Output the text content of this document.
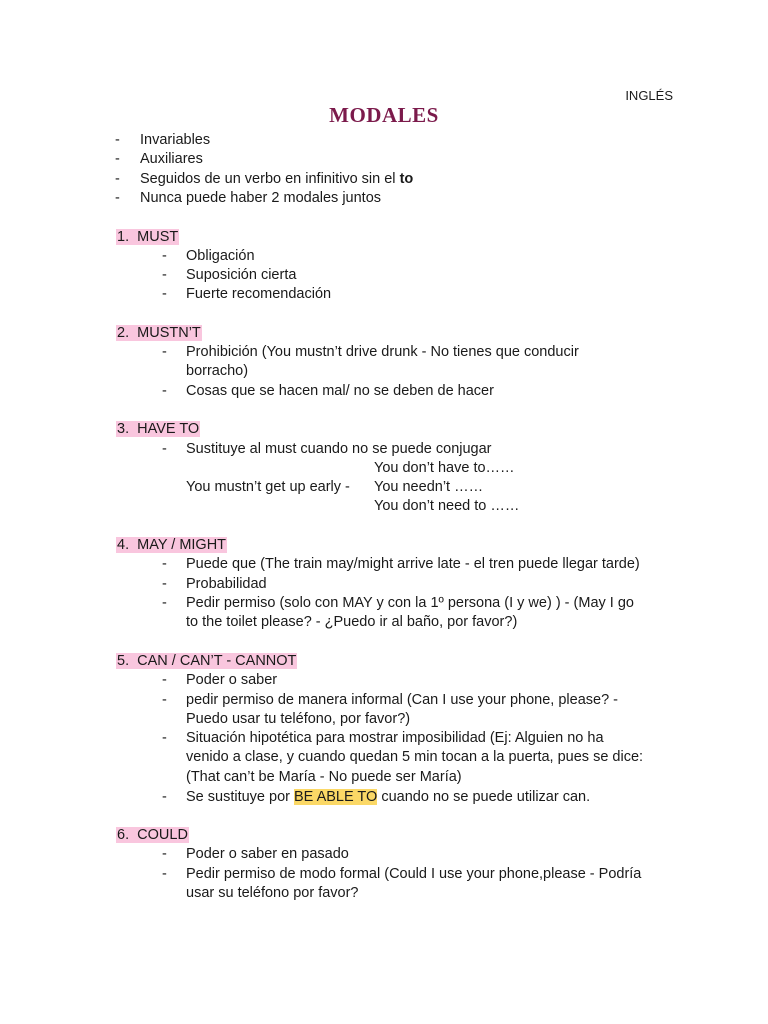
INGLÉS
MODALES
- Invariables
- Auxiliares
- Seguidos de un verbo en infinitivo sin el to
- Nunca puede haber 2 modales juntos
1. MUST
- Obligación
- Suposición cierta
- Fuerte recomendación
2. MUSTN’T
- Prohibición (You mustn’t drive drunk - No tienes que conducir
borracho)
- Cosas que se hacen mal/ no se deben de hacer
3. HAVE TO
- Sustituye al must cuando no se puede conjugar
You don’t have to……
You mustn’t get up early - You needn’t ……
You don’t need to ……
4. MAY / MIGHT
- Puede que (The train may/might arrive late - el tren puede llegar tarde)
- Probabilidad
- Pedir permiso (solo con MAY y con la 1º persona (I y we) ) - (May I go
to the toilet please? - ¿Puedo ir al baño, por favor?)
5. CAN / CAN’T - CANNOT
- Poder o saber
- pedir permiso de manera informal (Can I use your phone, please? -
Puedo usar tu teléfono, por favor?)
- Situación hipotética para mostrar imposibilidad (Ej: Alguien no ha
venido a clase, y cuando quedan 5 min tocan a la puerta, pues se dice:
(That can’t be María - No puede ser María)
- Se sustituye por BE ABLE TO cuando no se puede utilizar can.
6. COULD
- Poder o saber en pasado
- Pedir permiso de modo formal (Could I use your phone,please - Podría
usar su teléfono por favor?
